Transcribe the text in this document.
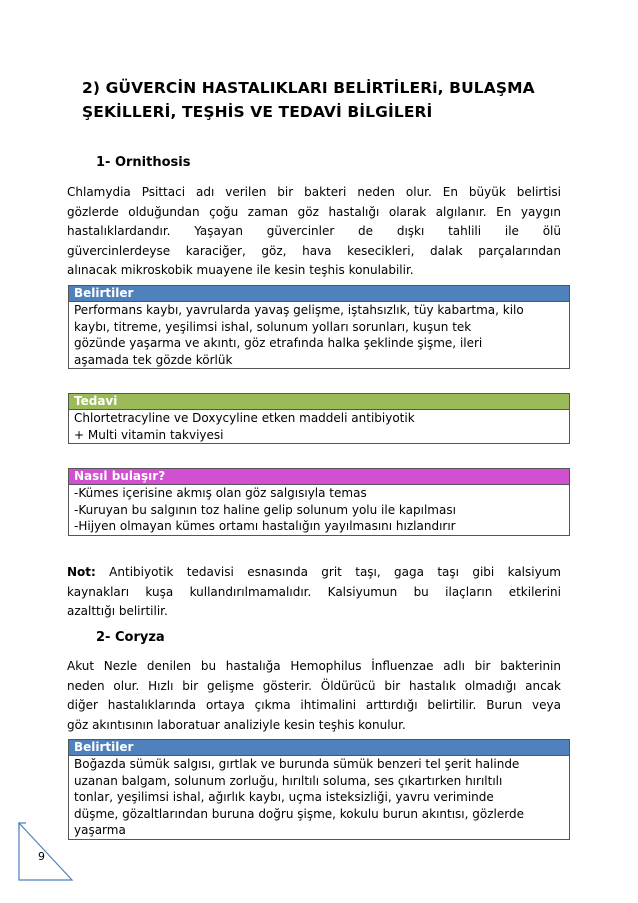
2) GÜVERCİN HASTALIKLARI BELİRTİLERi, BULAŞMA
ŞEKİLLERİ, TEŞHİS VE TEDAVİ BİLGİLERİ
1- Ornithosis
Chlamydia Psittaci adı verilen bir bakteri neden olur. En büyük belirtisi
gözlerde olduğundan çoğu zaman göz hastalığı olarak algılanır. En yaygın
hastalıklardandır. Yaşayan güvercinler de dışkı tahlili ile ölü
güvercinlerdeyse karaciğer, göz, hava kesecikleri, dalak parçalarından
alınacak mikroskobik muayene ile kesin teşhis konulabilir.
Belirtiler
Performans kaybı, yavrularda yavaş gelişme, iştahsızlık, tüy kabartma, kilo
kaybı, titreme, yeşilimsi ishal, solunum yolları sorunları, kuşun tek
gözünde yaşarma ve akıntı, göz etrafında halka şeklinde şişme, ileri
aşamada tek gözde körlük
Tedavi
Chlortetracyline ve Doxycyline etken maddeli antibiyotik
+ Multi vitamin takviyesi
Nasıl bulaşır?
-Kümes içerisine akmış olan göz salgısıyla temas
-Kuruyan bu salgının toz haline gelip solunum yolu ile kapılması
-Hijyen olmayan kümes ortamı hastalığın yayılmasını hızlandırır
Not: Antibiyotik tedavisi esnasında grit taşı, gaga taşı gibi kalsiyum
kaynakları kuşa kullandırılmamalıdır. Kalsiyumun bu ilaçların etkilerini
azalttığı belirtilir.
2- Coryza
Akut Nezle denilen bu hastalığa Hemophilus İnfluenzae adlı bir bakterinin
neden olur. Hızlı bir gelişme gösterir. Öldürücü bir hastalık olmadığı ancak
diğer hastalıklarında ortaya çıkma ihtimalini arttırdığı belirtilir. Burun veya
göz akıntısının laboratuar analiziyle kesin teşhis konulur.
Belirtiler
Boğazda sümük salgısı, gırtlak ve burunda sümük benzeri tel şerit halinde
uzanan balgam, solunum zorluğu, hırıltılı soluma, ses çıkartırken hırıltılı
tonlar, yeşilimsi ishal, ağırlık kaybı, uçma isteksizliği, yavru veriminde
düşme, gözaltlarından buruna doğru şişme, kokulu burun akıntısı, gözlerde
yaşarma
9
